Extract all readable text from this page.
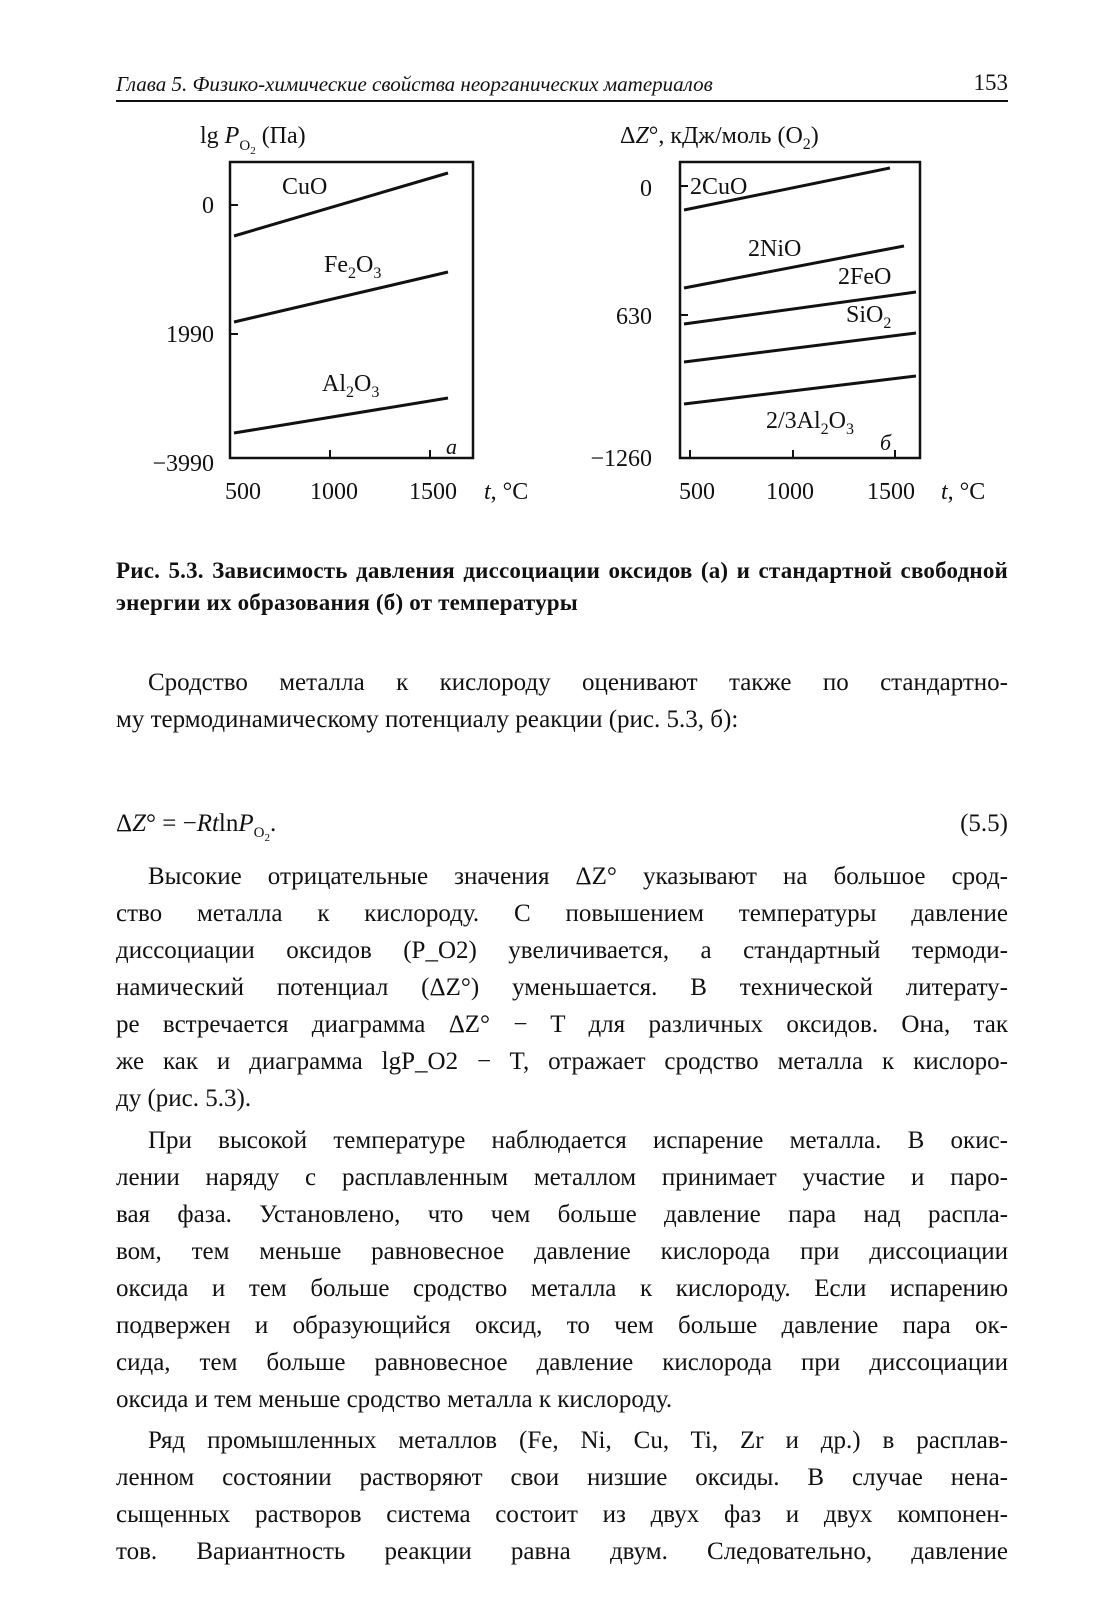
Глава 5. Физико-химические свойства неорганических материалов	153
$\lg P_O2$ (Па)
0
1990
−3990
500 1000 1500 t, °C
а
CuO
$Fe_2O_3$
$Al_2O_3$
ΔZ°, кДж/моль $(O_2)$
0
630
−1260
500 1000 1500 t, °C
б
2CuO
2NiO
2FeO
SiO$_2$
$2/3Al_2O_3$
Рис. 5.3. Зависимость давления диссоциации оксидов (а) и стандартной свободной энергии их образования (б) от температуры
Сродство металла к кислороду оценивают также по стандартно-
му термодинамическому потенциалу реакции (рис. 5.3, б):
ΔZ° = −RtlnP$_{O_2}$.	(5.5)
Высокие отрицательные значения ΔZ° указывают на большое срод-
ство металла к кислороду. С повышением температуры давление
диссоциации оксидов (P_O2) увеличивается, а стандартный термоди-
намический потенциал (ΔZ°) уменьшается. В технической литерату-
ре встречается диаграмма ΔZ° − T для различных оксидов. Она, так
же как и диаграмма lgP_O2 − T, отражает сродство металла к кислоро-
ду (рис. 5.3).
При высокой температуре наблюдается испарение металла. В окис-
лении наряду с расплавленным металлом принимает участие и паро-
вая фаза. Установлено, что чем больше давление пара над распла-
вом, тем меньше равновесное давление кислорода при диссоциации
оксида и тем больше сродство металла к кислороду. Если испарению
подвержен и образующийся оксид, то чем больше давление пара ок-
сида, тем больше равновесное давление кислорода при диссоциации
оксида и тем меньше сродство металла к кислороду.
Ряд промышленных металлов (Fe, Ni, Cu, Ti, Zr и др.) в расплав-
ленном состоянии растворяют свои низшие оксиды. В случае нена-
сыщенных растворов система состоит из двух фаз и двух компонен-
тов. Вариантность реакции равна двум. Следовательно, давление
